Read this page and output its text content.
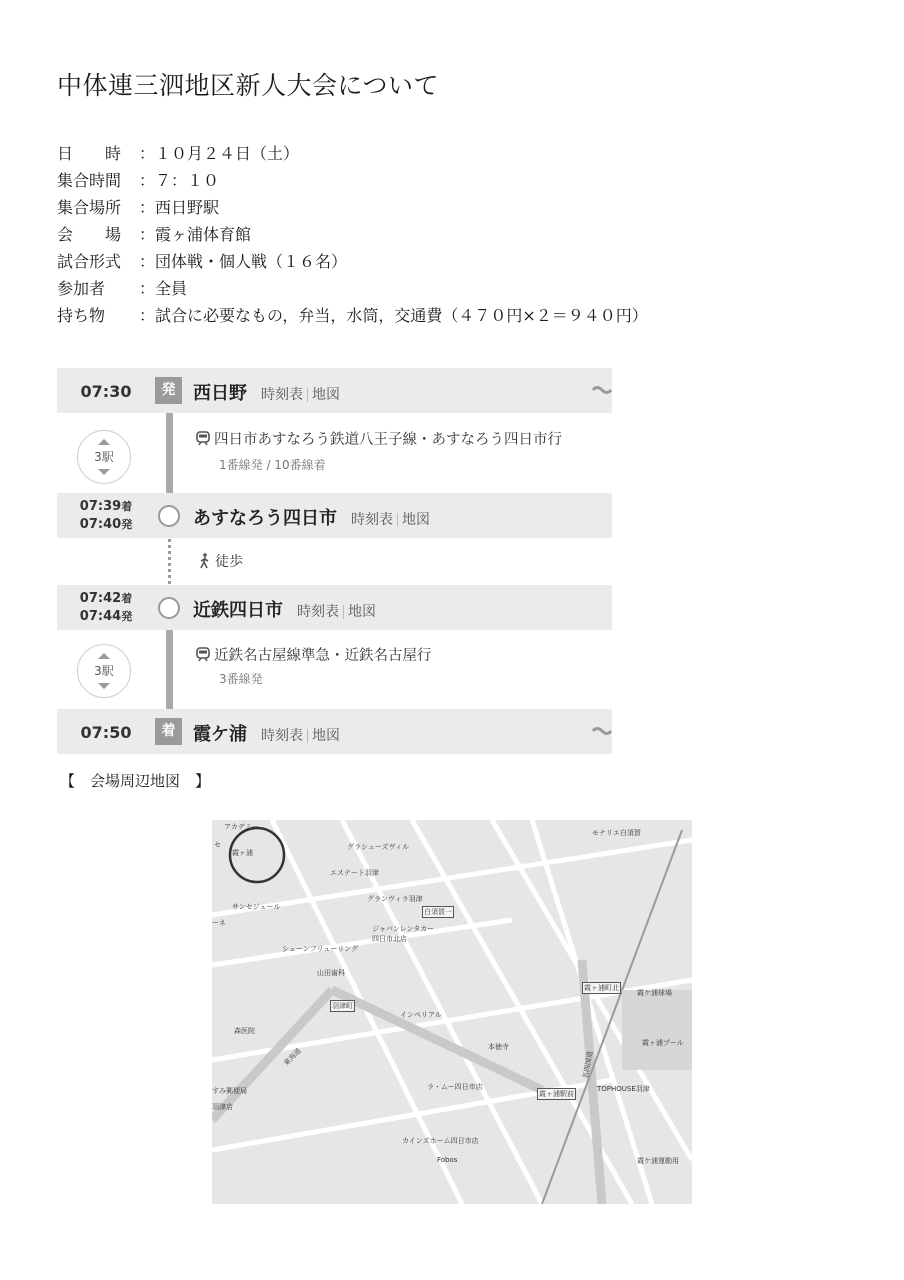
中体連三泗地区新人大会について
日　　時 ：１０月２４日（土）
集合時間 ：７：１０
集合場所 ：西日野駅
会　　場 ：霞ヶ浦体育館
試合形式 ：団体戦・個人戦（１６名）
参加者 ：全員
持ち物 ：試合に必要なもの，弁当，水筒，交通費（４７０円×２＝９４０円）
07:30	発 西日野 時刻表 地図
3駅
四日市あすなろう鉄道八王子線・あすなろう四日市行
1番線発 / 10番線着
07:39着
07:40発	あすなろう四日市 時刻表 地図
徒歩
07:42着
07:44発	近鉄四日市 時刻表 地図
3駅
近鉄名古屋線準急・近鉄名古屋行
3番線発
07:50	着 霞ケ浦 時刻表 地図
【　会場周辺地図　】
アカデミー
セ
霞ヶ浦
グラシューズヴィル
モナリエ白須賀
エステート羽津
グランヴィラ羽津
白須賀一
サンセジュール
ーネ
ジャパンレンタカー
四日市北店
シェーンフリューリング
山田歯科
霞ヶ浦町北
霞ケ浦球場
羽津町
インペリアル
森医院
東海道	本徳寺	霞ヶ浦プール
名四国道
すみ郵便局
羽津店
ラ・ムー四日市店
霞ヶ浦駅前
TOPHOUSE羽津
カインズホーム四日市店
Fobos	霞ケ浦運動用
